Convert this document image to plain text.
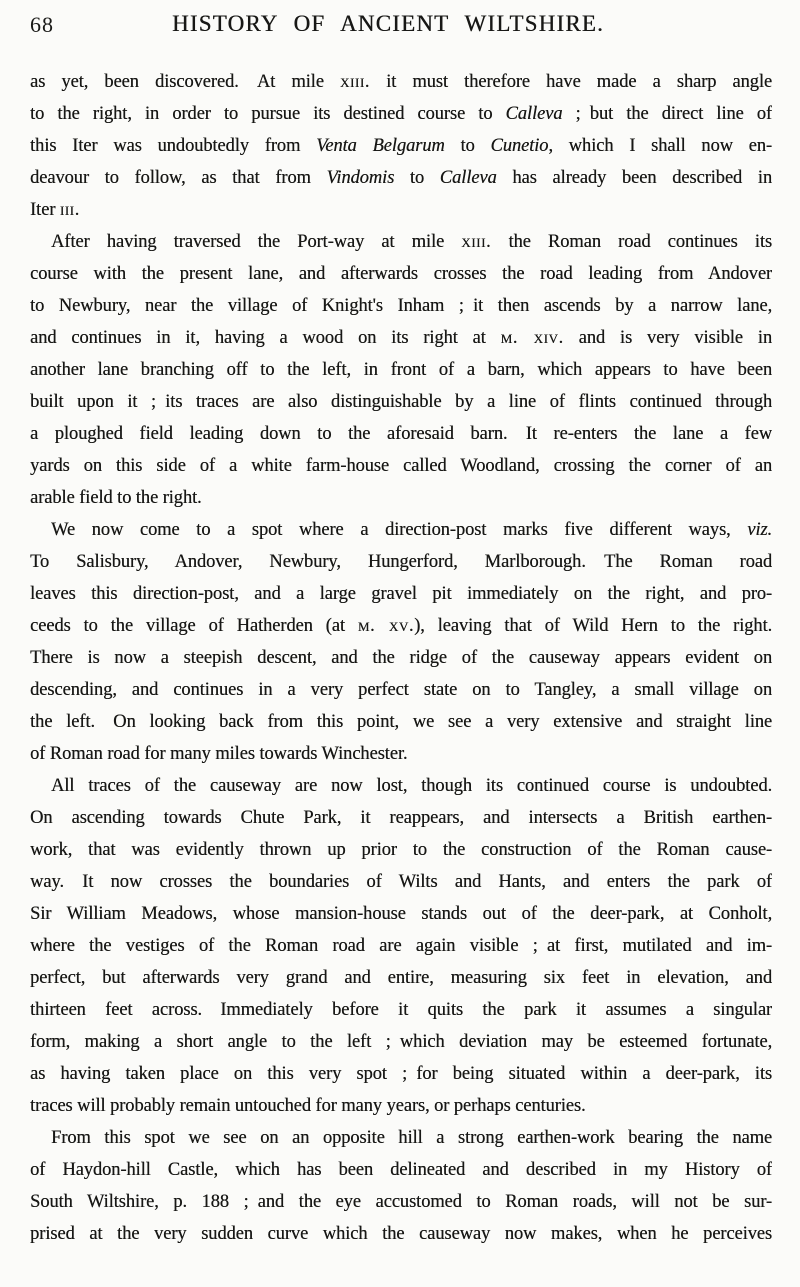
68	HISTORY OF ANCIENT WILTSHIRE.
as yet, been discovered.  At mile xiii. it must therefore have made a sharp angle
to the right, in order to pursue its destined course to Calleva ; but the direct line of
this Iter was undoubtedly from Venta Belgarum to Cunetio, which I shall now en-
deavour to follow, as that from Vindomis to Calleva has already been described in
Iter iii.
After having traversed the Port-way at mile xiii. the Roman road continues its
course with the present lane, and afterwards crosses the road leading from Andover
to Newbury, near the village of Knight's Inham ; it then ascends by a narrow lane,
and continues in it, having a wood on its right at m. xiv. and is very visible in
another lane branching off to the left, in front of a barn, which appears to have been
built upon it ; its traces are also distinguishable by a line of flints continued through
a ploughed field leading down to the aforesaid barn.  It re-enters the lane a few
yards on this side of a white farm-house called Woodland, crossing the corner of an
arable field to the right.
We now come to a spot where a direction-post marks five different ways, viz.
To Salisbury, Andover, Newbury, Hungerford, Marlborough.  The Roman road
leaves this direction-post, and a large gravel pit immediately on the right, and pro-
ceeds to the village of Hatherden (at m. xv.), leaving that of Wild Hern to the right.
There is now a steepish descent, and the ridge of the causeway appears evident on
descending, and continues in a very perfect state on to Tangley, a small village on
the left.  On looking back from this point, we see a very extensive and straight line
of Roman road for many miles towards Winchester.
All traces of the causeway are now lost, though its continued course is undoubted.
On ascending towards Chute Park, it reappears, and intersects a British earthen-
work, that was evidently thrown up prior to the construction of the Roman cause-
way.  It now crosses the boundaries of Wilts and Hants, and enters the park of
Sir William Meadows, whose mansion-house stands out of the deer-park, at Conholt,
where the vestiges of the Roman road are again visible ; at first, mutilated and im-
perfect, but afterwards very grand and entire, measuring six feet in elevation, and
thirteen feet across.  Immediately before it quits the park it assumes a singular
form, making a short angle to the left ; which deviation may be esteemed fortunate,
as having taken place on this very spot ; for being situated within a deer-park, its
traces will probably remain untouched for many years, or perhaps centuries.
From this spot we see on an opposite hill a strong earthen-work bearing the name
of Haydon-hill Castle, which has been delineated and described in my History of
South Wiltshire, p. 188 ; and the eye accustomed to Roman roads, will not be sur-
prised at the very sudden curve which the causeway now makes, when he perceives
